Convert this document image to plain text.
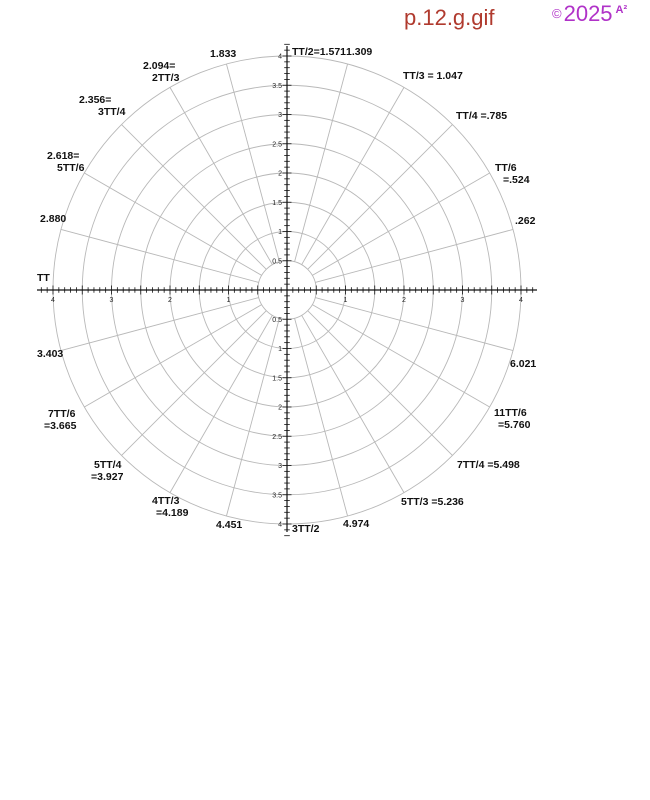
p.12.g.gif	©2025 $^{A^2}$
1	1
2	2
3	3
4	4
0.5
0.5
1
1
1.5
1.5
2
2
2.5
2.5
3
3
3.5
3.5
4
4
ТТ/2=1.571 1.309
ТТ/3 = 1.047
ТТ/4 =.785
ТТ/6 =.524
.262
1.833
2.094= 2ТТ/3
2.356= 3ТТ/4
2.618= 5ТТ/6
2.880
ТТ
3.403
7ТТ/6 =3.665
5ТТ/4 =3.927
4ТТ/3 =4.189
4.451	3ТТ/2 4.974
5ТТ/3 =5.236
7ТТ/4 =5.498
11ТТ/6 =5.760
6.021
